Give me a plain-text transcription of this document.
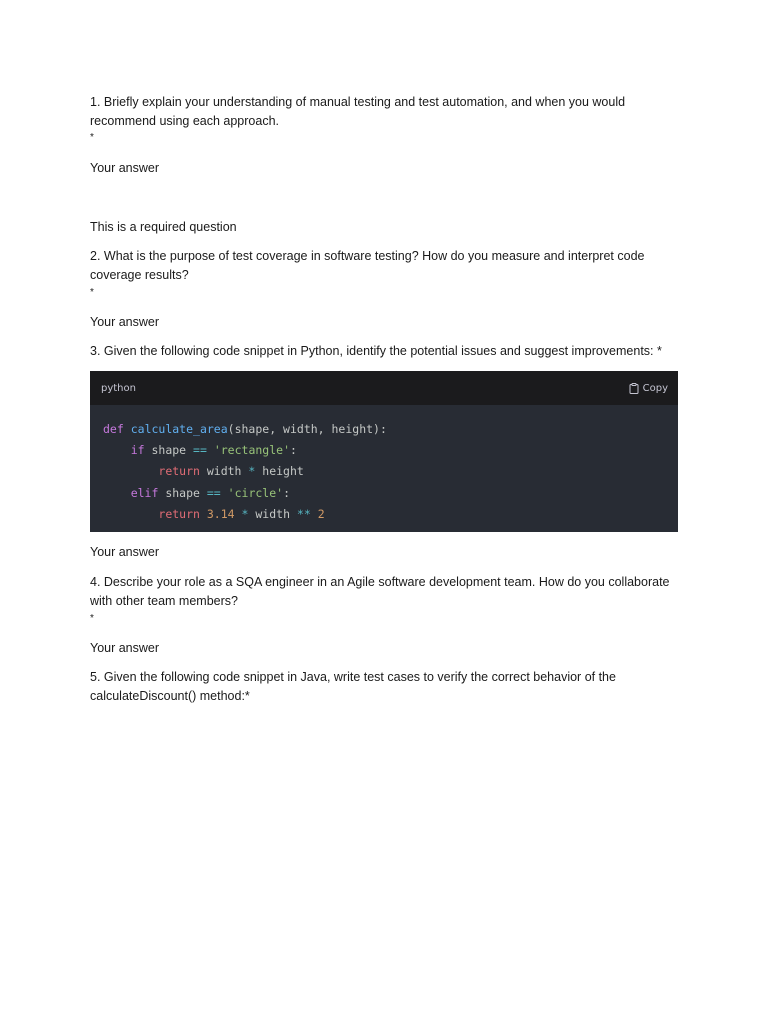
1. Briefly explain your understanding of manual testing and test automation, and when you would recommend using each approach.

*

Your answer

This is a required question

2. What is the purpose of test coverage in software testing? How do you measure and interpret code coverage results?

*

Your answer

3. Given the following code snippet in Python, identify the potential issues and suggest improvements: *

python	Copy
def calculate_area(shape, width, height):
if shape == 'rectangle':
return width * height
elif shape == 'circle':
return 3.14 * width ** 2

Your answer

4. Describe your role as a SQA engineer in an Agile software development team. How do you collaborate with other team members?

*

Your answer

5. Given the following code snippet in Java, write test cases to verify the correct behavior of the calculateDiscount() method:*
